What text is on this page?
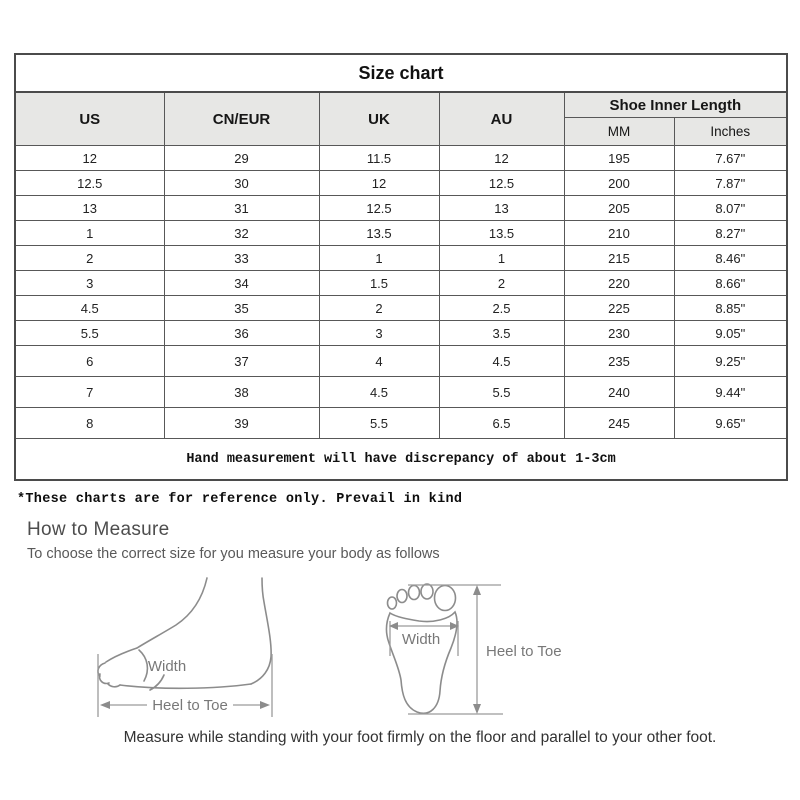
Size chart					
US	CN/EUR	UK	AU	Shoe Inner Length	
				MM	Inches
12	29	11.5	12	195	7.67"
12.5	30	12	12.5	200	7.87"
13	31	12.5	13	205	8.07"
1	32	13.5	13.5	210	8.27"
2	33	1	1	215	8.46"
3	34	1.5	2	220	8.66"
4.5	35	2	2.5	225	8.85"
5.5	36	3	3.5	230	9.05"
6	37	4	4.5	235	9.25"
7	38	4.5	5.5	240	9.44"
8	39	5.5	6.5	245	9.65"
Hand measurement will have discrepancy of about 1-3cm					
*These charts are for reference only. Prevail in kind
How to Measure
To choose the correct size for you measure your body as follows
Width
Heel to Toe
Width
Heel to Toe
Measure while standing with your foot firmly on the floor and parallel to your other foot.
